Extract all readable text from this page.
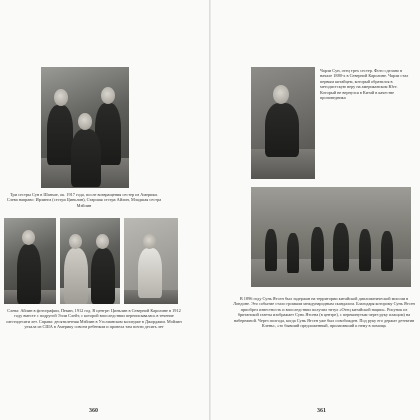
Три сестры Сун в Шанхае, ок. 1917 года, после возвращения сестер из Америки. Слева направо: Ирлинга (сестра Циньлин), Старшая сестра Айлин, Младшая сестра Мэйлин
Слева: Айлин в фотографии, Пекин, 1912 год. В центре: Циньлин в Северной Каролине в 1912 году вместе с подругой Элли Слейт, с которой впоследствии переписывалась в течение шестидесяти лет. Справа: десятилетняя Мэйлин в Уэслианском колледже в Джорджии. Мэйлин уехала из США в Америку совсем ребенком и провела там почти десять лет
360
Чарли Сун, отец трех сестер. Фото сделано в начале 1880-х в Северной Каролине. Чарли стал первым китайцем, который обратился в методистскую веру на американском Юге. Который не вернулся в Китай в качестве проповедника
В 1896 году Сунь Ятсен был задержан на территории китайской дипломатической миссии в Лондоне. Это событие стало громким международным скандалом. Благодаря которому Сунь Ятсен приобрел известность и впоследствии получил титул «Отец китайской нации». Рисунок из британской газеты изображает Сунь Ятсена (в центре), с перекинутым через руку плащом) на набережной. Через полгода, когда Сунь Ятсен уже был освобожден. Под руку его держат детектив Кленьс, «то бывший предложенный, прилагавший к нему в помощь
361
